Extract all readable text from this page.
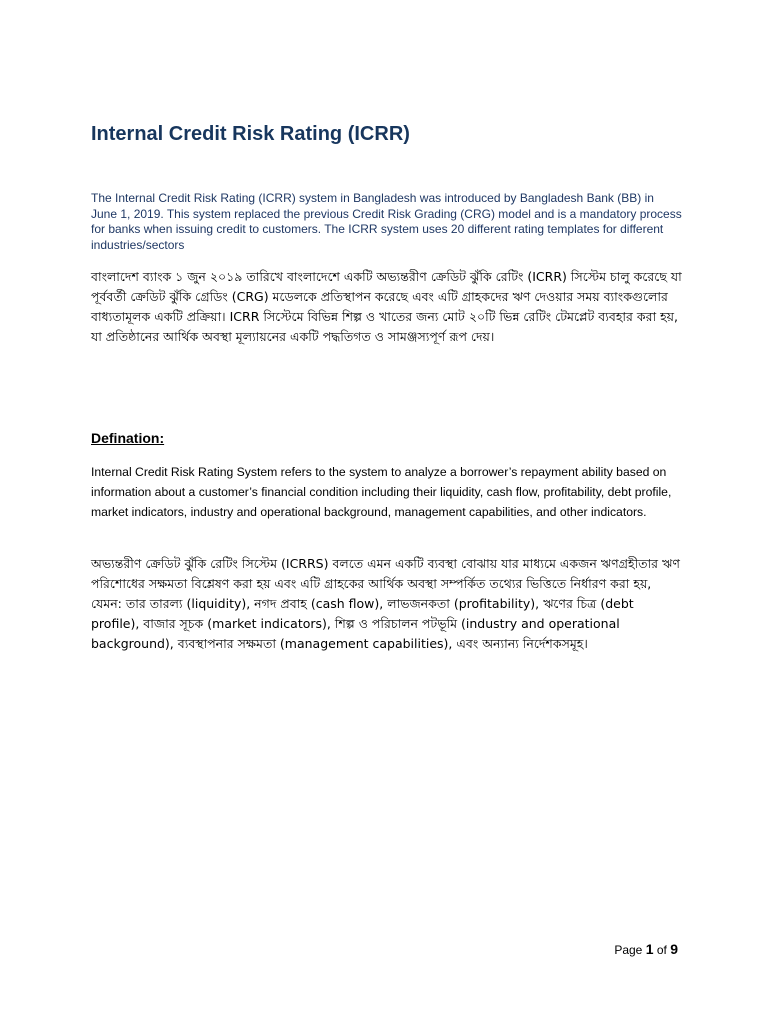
Internal Credit Risk Rating (ICRR)
The Internal Credit Risk Rating (ICRR) system in Bangladesh was introduced by Bangladesh Bank (BB) in June 1, 2019. This system replaced the previous Credit Risk Grading (CRG) model and is a mandatory process for banks when issuing credit to customers. The ICRR system uses 20 different rating templates for different industries/sectors
বাংলাদেশ ব্যাংক ১ জুন ২০১৯ তারিখে বাংলাদেশে একটি অভ্যন্তরীণ ক্রেডিট ঝুঁকি রেটিং (ICRR) সিস্টেম চালু করেছে যা পূর্ববর্তী ক্রেডিট ঝুঁকি গ্রেডিং (CRG) মডেলকে প্রতিস্থাপন করেছে এবং এটি গ্রাহকদের ঋণ দেওয়ার সময় ব্যাংকগুলোর বাধ্যতামূলক একটি প্রক্রিয়া। ICRR সিস্টেমে বিভিন্ন শিল্প ও খাতের জন্য মোট ২০টি ভিন্ন রেটিং টেমপ্লেট ব্যবহার করা হয়, যা প্রতিষ্ঠানের আর্থিক অবস্থা মূল্যায়নের একটি পদ্ধতিগত ও সামঞ্জস্যপূর্ণ রূপ দেয়।
Defination:
Internal Credit Risk Rating System refers to the system to analyze a borrower’s repayment ability based on information about a customer’s financial condition including their liquidity, cash flow, profitability, debt profile, market indicators, industry and operational background, management capabilities, and other indicators.
অভ্যন্তরীণ ক্রেডিট ঝুঁকি রেটিং সিস্টেম (ICRRS) বলতে এমন একটি ব্যবস্থা বোঝায় যার মাধ্যমে একজন ঋণগ্রহীতার ঋণ পরিশোধের সক্ষমতা বিশ্লেষণ করা হয় এবং এটি গ্রাহকের আর্থিক অবস্থা সম্পর্কিত তথ্যের ভিত্তিতে নির্ধারণ করা হয়, যেমন: তার তারল্য (liquidity), নগদ প্রবাহ (cash flow), লাভজনকতা (profitability), ঋণের চিত্র (debt profile), বাজার সূচক (market indicators), শিল্প ও পরিচালন পটভূমি (industry and operational background), ব্যবস্থাপনার সক্ষমতা (management capabilities), এবং অন্যান্য নির্দেশকসমূহ।
Page 1 of 9
